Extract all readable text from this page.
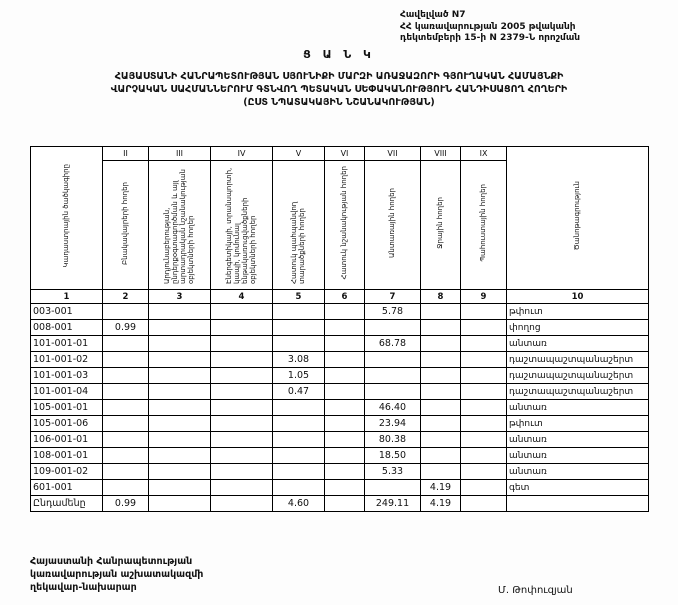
Հավելված N7
ՀՀ կառավարության 2005 թվականի
դեկտեմբերի 15-ի N 2379-Ն որոշման
Ց Ա Ն Կ
ՀԱՅԱՍՏԱՆԻ ՀԱՆՐԱՊԵՏՈՒԹՅԱՆ ՍՅՈՒՆԻՔԻ ՄԱՐԶԻ ԱՌԱՋԱԶՈՐԻ ԳՅՈՒՂԱԿԱՆ ՀԱՄԱՅՆՔԻ
ՎԱՐՉԱԿԱՆ ՍԱՀՄԱՆՆԵՐՈՒՄ ԳՏՆՎՈՂ ՊԵՏԱԿԱՆ ՍԵՓԱԿԱՆՈՒԹՅՈՒՆ ՀԱՆԴԻՍԱՑՈՂ ՀՈՂԵՐԻ
(ԸՍՏ ՆՊԱՏԱԿԱՅԻՆ ՆՇԱՆԱԿՈՒԹՅԱՆ)
Կադաստրային ծածկագիրը	II	III	IV	V	VI	VII	VIII	IX	Ծանոթագրություն
	Բնակավայրերի հողեր	Արդյունաբերության, ընդերքօգտագործման և այլ արտադրական նշանակության օբյեկտների հողեր	Էներգետիկայի, տրանսպորտի, կապի, կոմունալ ենթակառուցվածքների օբյեկտների հողեր	Հատուկ պահպանվող տարածքների հողեր	Հատուկ նշանակության հողեր	Անտառային հողեր	Ջրային հողեր	Պահուստային հողեր	
1	2	3	4	5	6	7	8	9	10
003-001						5.78			թփուտ
008-001	0.99								փողոց
101-001-01						68.78			անտառ
101-001-02				3.08					դաշտապաշտպանաշերտ
101-001-03				1.05					դաշտապաշտպանաշերտ
101-001-04				0.47					դաշտապաշտպանաշերտ
105-001-01						46.40			անտառ
105-001-06						23.94			թփուտ
106-001-01						80.38			անտառ
108-001-01						18.50			անտառ
109-001-02						5.33			անտառ
601-001							4.19		գետ
Ընդամենը	0.99			4.60		249.11	4.19		
Հայաստանի Հանրապետության
կառավարության աշխատակազմի
ղեկավար-նախարար	Մ. Թոփուզյան
